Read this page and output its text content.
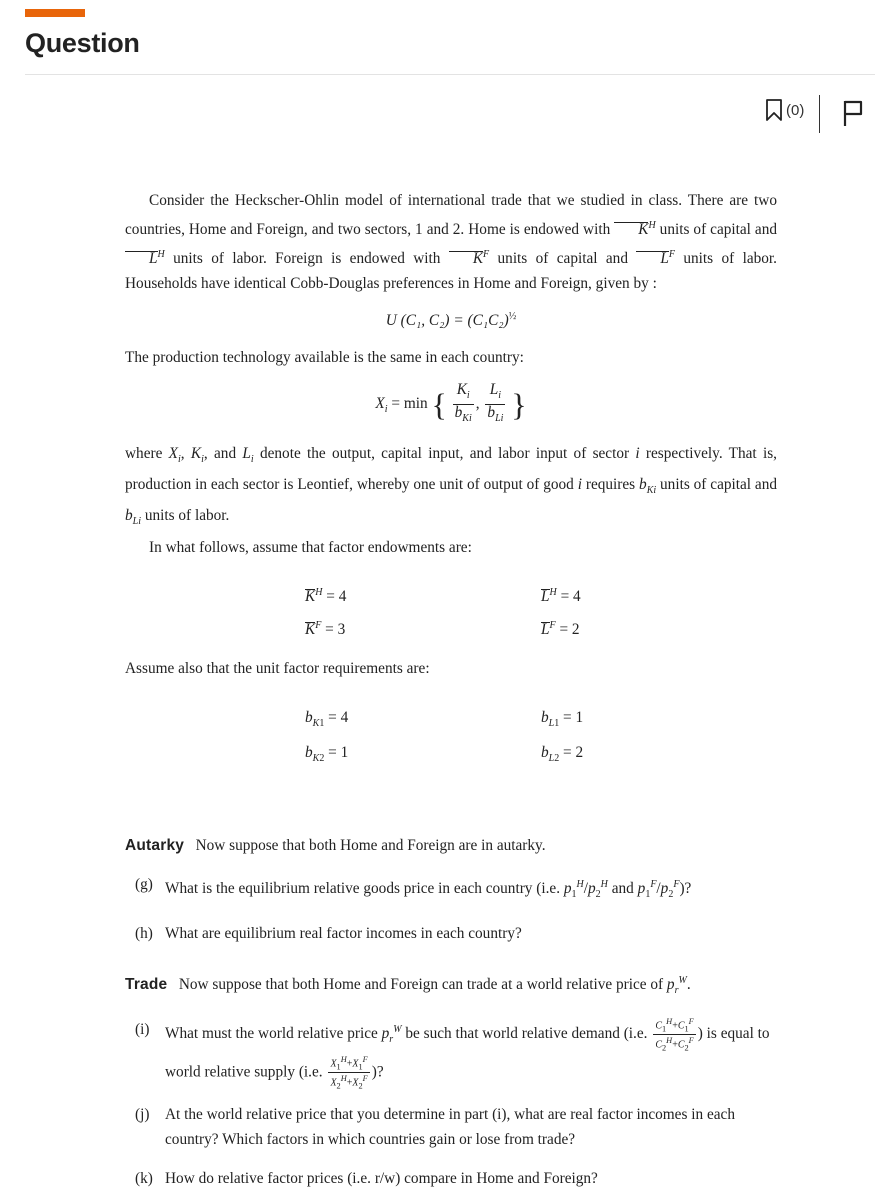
Question
(0)

Consider the Heckscher-Ohlin model of international trade that we studied in class. There are two countries, Home and Foreign, and two sectors, 1 and 2. Home is endowed with $K^H$ units of capital and $L^H$ units of labor. Foreign is endowed with $K^F$ units of capital and $L^F$ units of labor. Households have identical Cobb-Douglas preferences in Home and Foreign, given by :

U (C₁, $C_2) = (C_1C_2)^{\frac{1}{2}}$

The production technology available is the same in each country:

$X_i = \min$ { $\frac{K_i}{b_{Ki}}$ , $\frac{L_i}{b_{Li}}$ }

where $X_i$, $K_i$, and $L_i$ denote the output, capital input, and labor input of sector i respectively. That is, production in each sector is Leontief, whereby one unit of output of good i requires $b_{Ki}$ units of capital and $b_{Li}$ units of labor.

In what follows, assume that factor endowments are:

$K^H = 4$
$K^F = 3$
$L^H = 4$
$L^F = 2$

Assume also that the unit factor requirements are:

$b_{K1} = 4$
$b_{K2} = 1$
$b_{L1} = 1$
$b_{L2} = 2$

Autarky Now suppose that both Home and Foreign are in autarky.

(g) What is the equilibrium relative goods price in each country (i.e. $p_1^H/p_2^H$ and $p_1^F/p_2^F$)?
(h) What are equilibrium real factor incomes in each country?

Trade Now suppose that both Home and Foreign can trade at a world relative price of $p_r^W$.

(i) What must the world relative price $p_r^W$ be such that world relative demand (i.e. $\frac{C_1^H+C_1^F}{C_2^H+C_2^F}$ ) is equal to world relative supply (i.e. $\frac{X_1^H+X_1^F}{X_2^H+X_2^F}$ )?
(j) At the world relative price that you determine in part (i), what are real factor incomes in each country? Which factors in which countries gain or lose from trade?
(k) How do relative factor prices (i.e. r/w) compare in Home and Foreign?
